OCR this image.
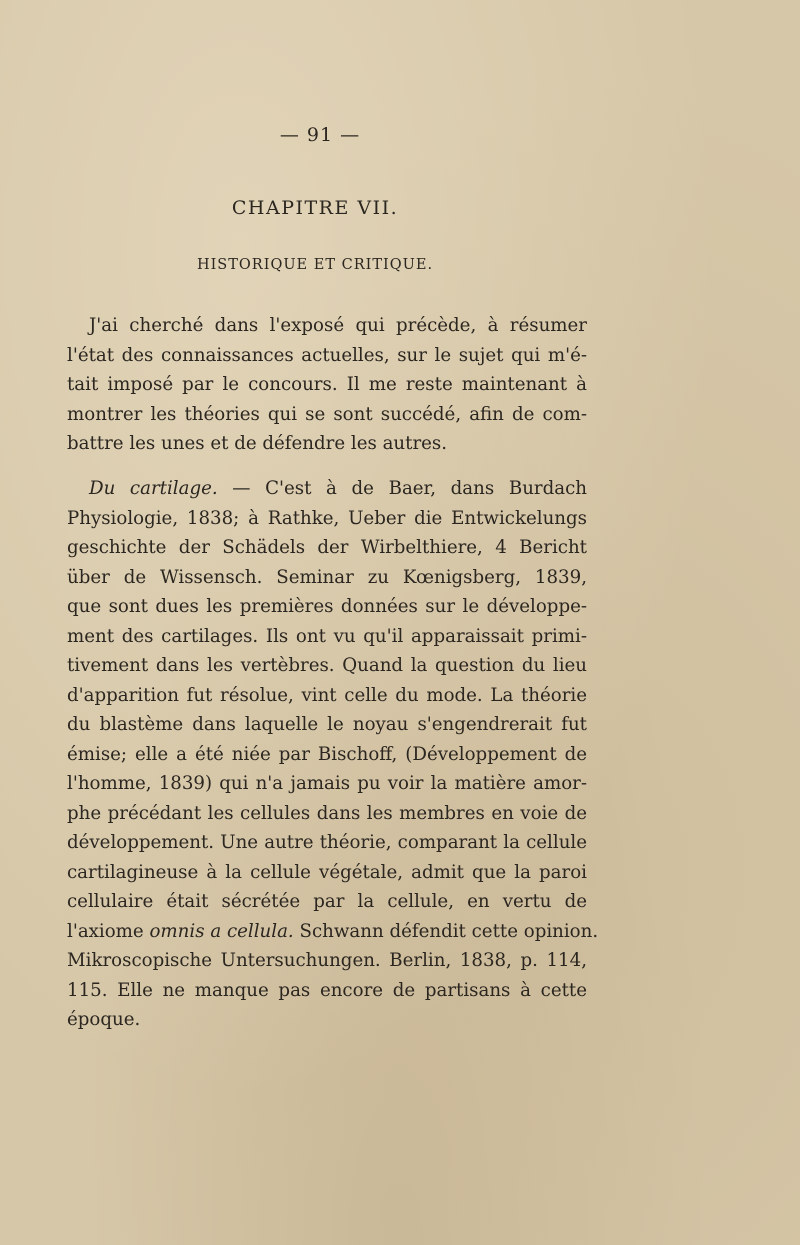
— 91 —
CHAPITRE VII.
HISTORIQUE ET CRITIQUE.
J'ai cherché dans l'exposé qui précède, à résumer
l'état des connaissances actuelles, sur le sujet qui m'é-
tait imposé par le concours. Il me reste maintenant à
montrer les théories qui se sont succédé, afin de com-
battre les unes et de défendre les autres.
Du cartilage. — C'est à de Baer, dans Burdach
Physiologie, 1838; à Rathke, Ueber die Entwickelungs
geschichte der Schädels der Wirbelthiere, 4 Bericht
über de Wissensch. Seminar zu Kœnigsberg, 1839,
que sont dues les premières données sur le développe-
ment des cartilages. Ils ont vu qu'il apparaissait primi-
tivement dans les vertèbres. Quand la question du lieu
d'apparition fut résolue, vint celle du mode. La théorie
du blastème dans laquelle le noyau s'engendrerait fut
émise; elle a été niée par Bischoff, (Développement de
l'homme, 1839) qui n'a jamais pu voir la matière amor-
phe précédant les cellules dans les membres en voie de
développement. Une autre théorie, comparant la cellule
cartilagineuse à la cellule végétale, admit que la paroi
cellulaire était sécrétée par la cellule, en vertu de
l'axiome omnis a cellula. Schwann défendit cette opinion.
Mikroscopische Untersuchungen. Berlin, 1838, p. 114,
115. Elle ne manque pas encore de partisans à cette
époque.
